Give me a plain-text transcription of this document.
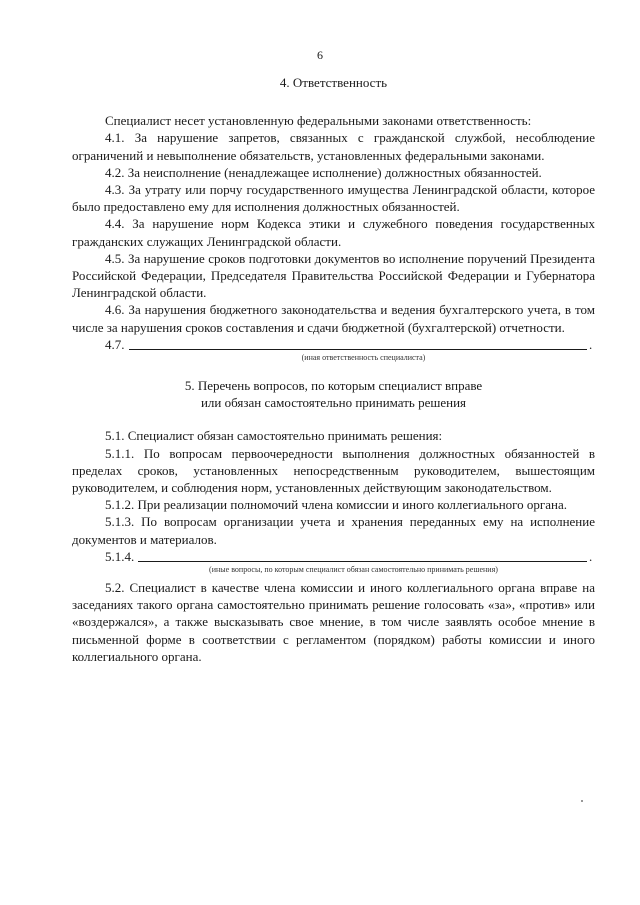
6

4. Ответственность

Специалист несет установленную федеральными законами ответственность:

4.1. За нарушение запретов, связанных с гражданской службой, несоблюдение ограничений и невыполнение обязательств, установленных федеральными законами.

4.2. За неисполнение (ненадлежащее исполнение) должностных обязанностей.

4.3. За утрату или порчу государственного имущества Ленинградской области, которое было предоставлено ему для исполнения должностных обязанностей.

4.4. За нарушение норм Кодекса этики и служебного поведения государственных гражданских служащих Ленинградской области.

4.5. За нарушение сроков подготовки документов во исполнение поручений Президента Российской Федерации, Председателя Правительства Российской Федерации и Губернатора Ленинградской области.

4.6. За нарушения бюджетного законодательства и ведения бухгалтерского учета, в том числе за нарушения сроков составления и сдачи бюджетной (бухгалтерской) отчетности.

4.7.	.
(иная ответственность специалиста)

5. Перечень вопросов, по которым специалист вправе

или обязан самостоятельно принимать решения

5.1. Специалист обязан самостоятельно принимать решения:

5.1.1. По вопросам первоочередности выполнения должностных обязанностей в пределах сроков, установленных непосредственным руководителем, вышестоящим руководителем, и соблюдения норм, установленных действующим законодательством.

5.1.2. При реализации полномочий члена комиссии и иного коллегиального органа.

5.1.3. По вопросам организации учета и хранения переданных ему на исполнение документов и материалов.

5.1.4.	.
(иные вопросы, по которым специалист обязан самостоятельно принимать решения)

5.2. Специалист в качестве члена комиссии и иного коллегиального органа вправе на заседаниях такого органа самостоятельно принимать решение голосовать «за», «против» или «воздержался», а также высказывать свое мнение, в том числе заявлять особое мнение в письменной форме в соответствии с регламентом (порядком) работы комиссии и иного коллегиального органа.
